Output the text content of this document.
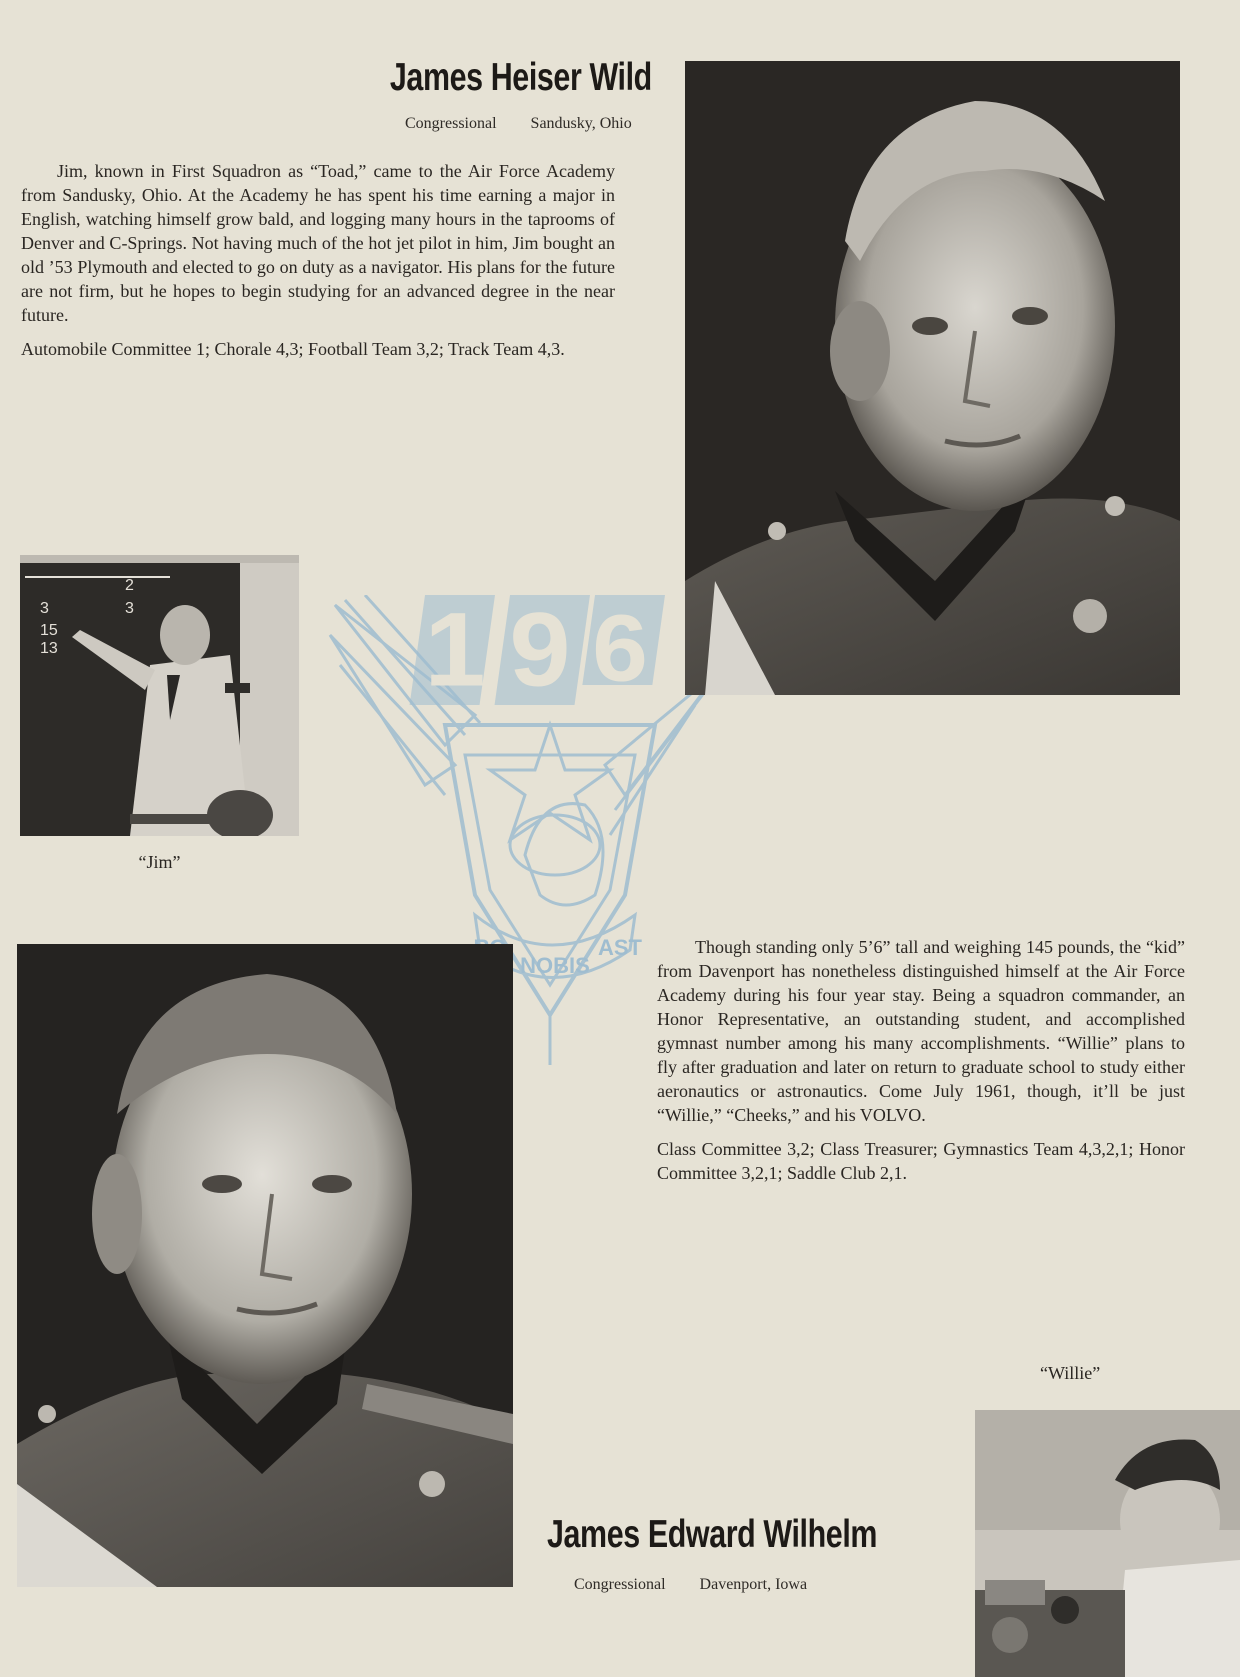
1 9 6
NOBIS
AST
James Heiser Wild
Congressional Sandusky, Ohio

Jim, known in First Squadron as “Toad,” came to the Air Force Academy from Sandusky, Ohio. At the Academy he has spent his time earning a major in English, watching himself grow bald, and logging many hours in the taprooms of Denver and C-Springs. Not having much of the hot jet pilot in him, Jim bought an old ’53 Plymouth and elected to go on duty as a navigator. His plans for the future are not firm, but he hopes to begin studying for an advanced degree in the near future.

Automobile Committee 1; Chorale 4,3; Football Team 3,2; Track Team 4,3.

2
3	3
15
13
“Jim”

Though standing only 5’6” tall and weighing 145 pounds, the “kid” from Davenport has nonetheless distinguished himself at the Air Force Academy during his four year stay. Being a squadron commander, an Honor Representative, an outstanding student, and accomplished gymnast number among his many accomplishments. “Willie” plans to fly after graduation and later on return to graduate school to study either aeronautics or astronautics. Come July 1961, though, it’ll be just “Willie,” “Cheeks,” and his VOLVO.

Class Committee 3,2; Class Treasurer; Gymnastics Team 4,3,2,1; Honor Committee 3,2,1; Saddle Club 2,1.

“Willie”
James Edward Wilhelm
Congressional Davenport, Iowa
